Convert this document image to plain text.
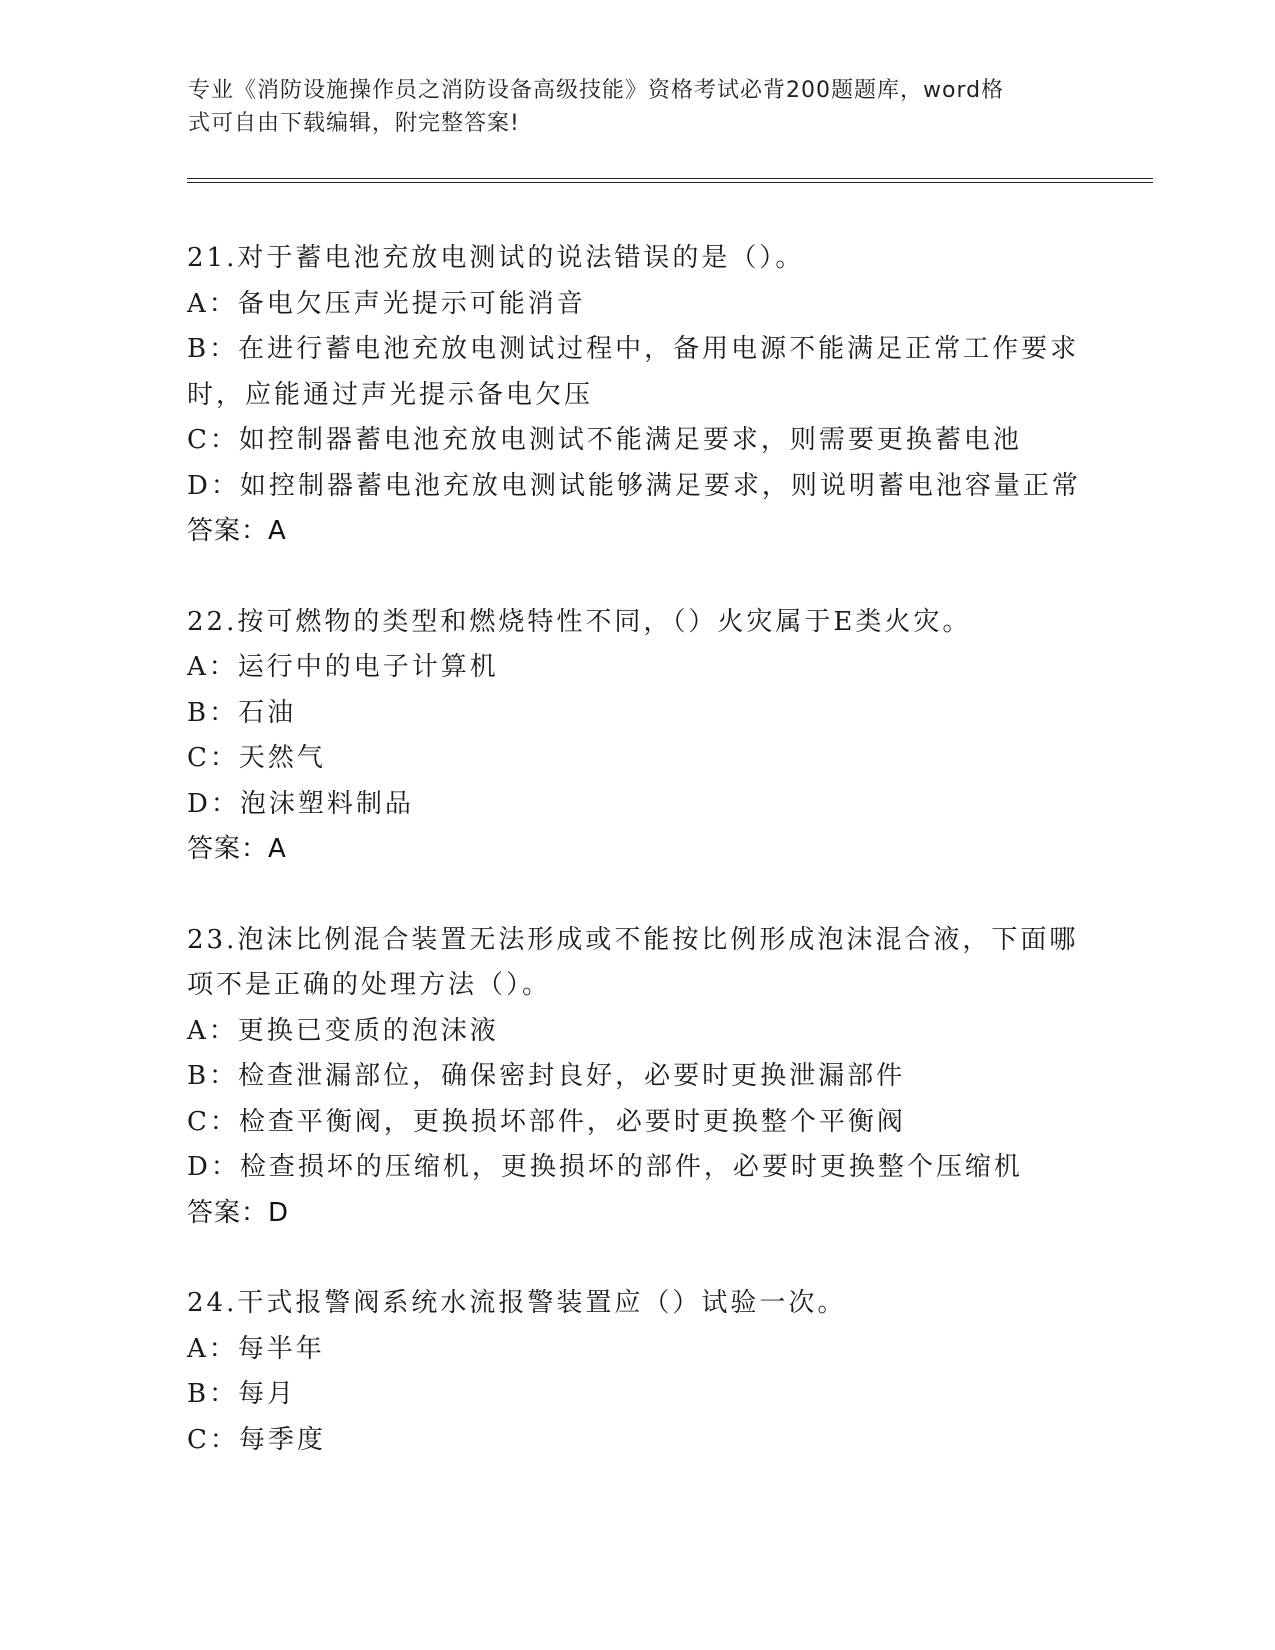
专业《消防设施操作员之消防设备高级技能》资格考试必背200题题库，word格
式可自由下载编辑，附完整答案!
21.对于蓄电池充放电测试的说法错误的是（）。
A：备电欠压声光提示可能消音
B：在进行蓄电池充放电测试过程中，备用电源不能满足正常工作要求
时，应能通过声光提示备电欠压
C：如控制器蓄电池充放电测试不能满足要求，则需要更换蓄电池
D：如控制器蓄电池充放电测试能够满足要求，则说明蓄电池容量正常
答案：A
22.按可燃物的类型和燃烧特性不同，（）火灾属于E类火灾。
A：运行中的电子计算机
B：石油
C：天然气
D：泡沫塑料制品
答案：A
23.泡沫比例混合装置无法形成或不能按比例形成泡沫混合液，下面哪
项不是正确的处理方法（）。
A：更换已变质的泡沫液
B：检查泄漏部位，确保密封良好，必要时更换泄漏部件
C：检查平衡阀，更换损坏部件，必要时更换整个平衡阀
D：检查损坏的压缩机，更换损坏的部件，必要时更换整个压缩机
答案：D
24.干式报警阀系统水流报警装置应（）试验一次。
A：每半年
B：每月
C：每季度
